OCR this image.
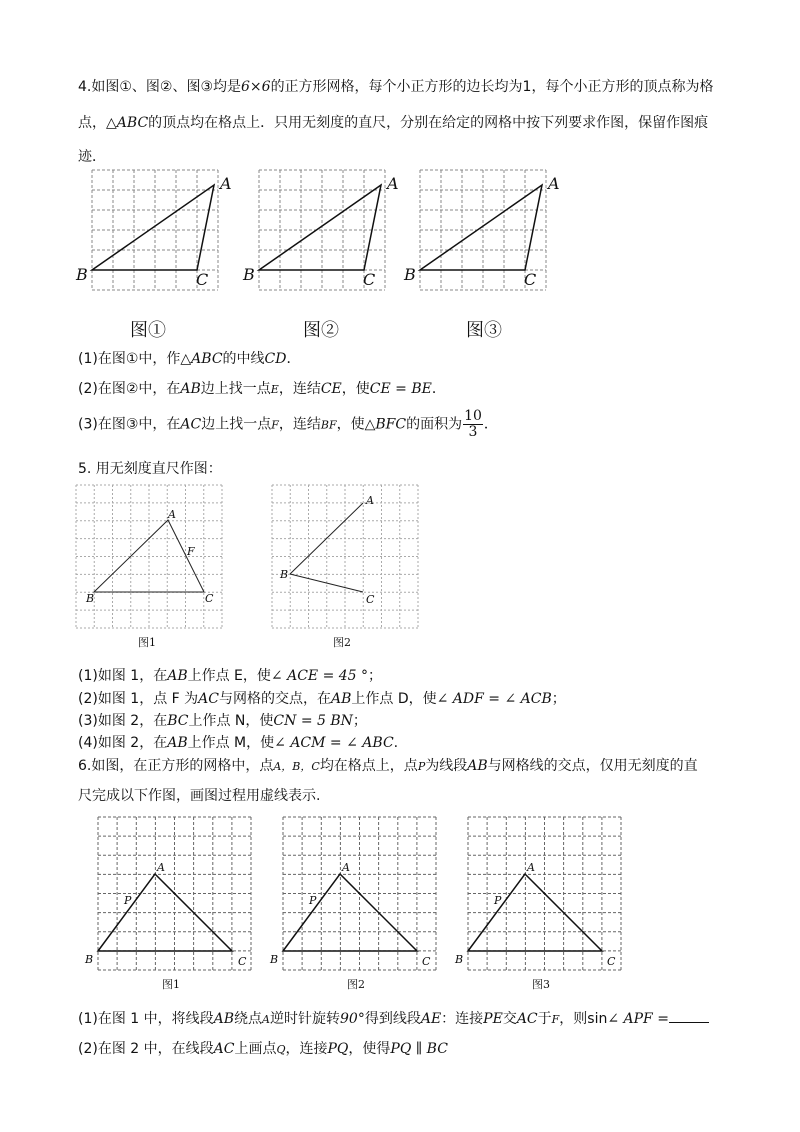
4.如图①、图②、图③均是6×6的正方形网格，每个小正方形的边长均为1，每个小正方形的顶点称为格
点，△ABC的顶点均在格点上．只用无刻度的直尺，分别在给定的网格中按下列要求作图，保留作图痕
迹．
A
B	C
A
B	C
A
B	C
图①	图②	图③
(1)在图①中，作△ABC的中线CD．
(2)在图②中，在AB边上找一点E，连结CE，使CE = BE．
(3)在图③中，在AC边上找一点F，连结BF，使△BFC的面积为 $\frac{10}{3}$ ．
5. 用无刻度直尺作图：
A
F
B	C
图1
A
B
C
图2
(1)如图 1，在AB上作点 E，使∠ ACE = 45 °；
(2)如图 1，点 F 为AC与网格的交点，在AB上作点 D，使∠ ADF = ∠ ACB；
(3)如图 2，在BC上作点 N，使CN = 5 BN；
(4)如图 2，在AB上作点 M，使∠ ACM = ∠ ABC.
6.如图，在正方形的网格中，点A，B，C均在格点上，点P为线段AB与网格线的交点，仅用无刻度的直
尺完成以下作图，画图过程用虚线表示.
A
P
B	C
图1
A
P
B	C
图2
A
P
B	C
图3
(1)在图 1 中，将线段AB绕点A逆时针旋转90°得到线段AE：连接PE交AC于F，则sin∠ APF =
(2)在图 2 中，在线段AC上画点Q，连接PQ，使得PQ ∥ BC
